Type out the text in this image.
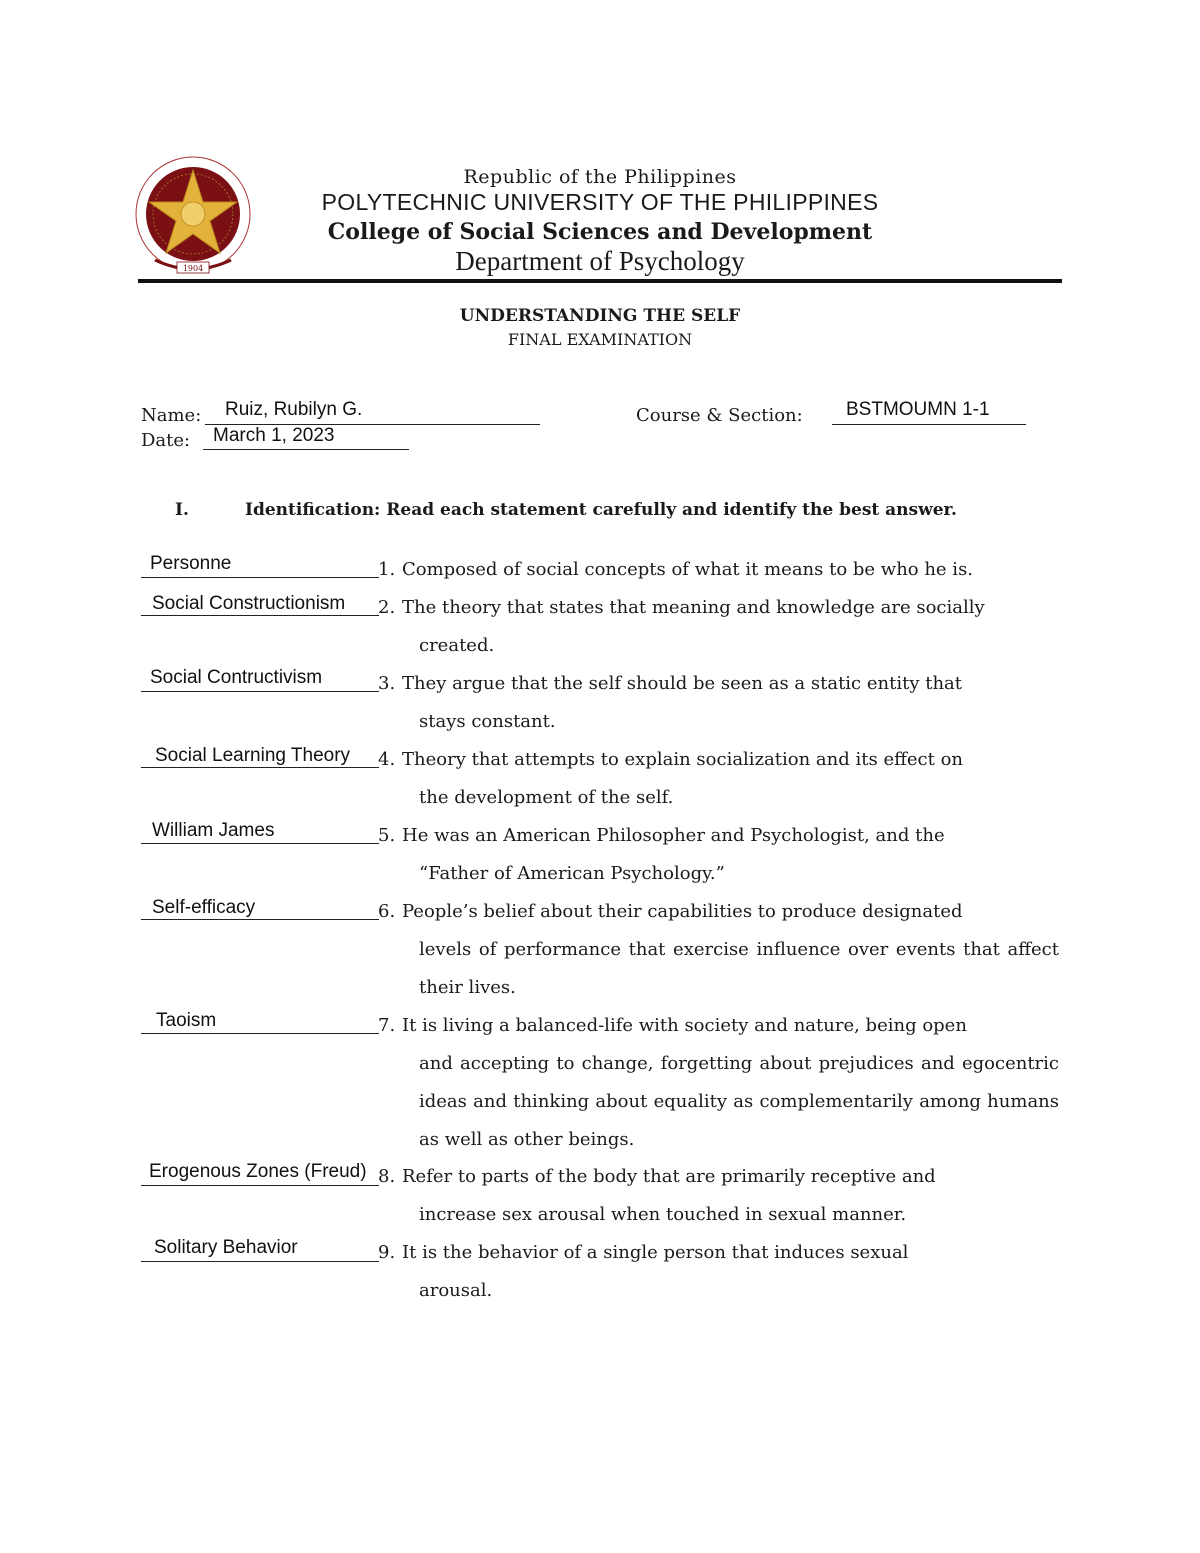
1904
Republic of the Philippines
POLYTECHNIC UNIVERSITY OF THE PHILIPPINES
College of Social Sciences and Development
Department of Psychology
UNDERSTANDING THE SELF
FINAL EXAMINATION
Name: Ruiz, Rubilyn G.	Course & Section: BSTMOUMN 1-1
Date: March 1, 2023
I.	Identification: Read each statement carefully and identify the best answer.
Personne	1. Composed of social concepts of what it means to be who he is.
Social Constructionism 2. The theory that states that meaning and knowledge are socially
created.
Social Contructivism	3. They argue that the self should be seen as a static entity that
stays constant.
Social Learning Theory 4. Theory that attempts to explain socialization and its effect on
the development of the self.
William James	5. He was an American Philosopher and Psychologist, and the
“Father of American Psychology.”
Self-efficacy	6. People’s belief about their capabilities to produce designated
levels of performance that exercise influence over events that affect their lives.
Taoism	7. It is living a balanced-life with society and nature, being open
and accepting to change, forgetting about prejudices and egocentric ideas and thinking about equality as complementarily among humans as well as other beings.
Erogenous Zones (Freud) 8. Refer to parts of the body that are primarily receptive and
increase sex arousal when touched in sexual manner.
Solitary Behavior	9. It is the behavior of a single person that induces sexual
arousal.
